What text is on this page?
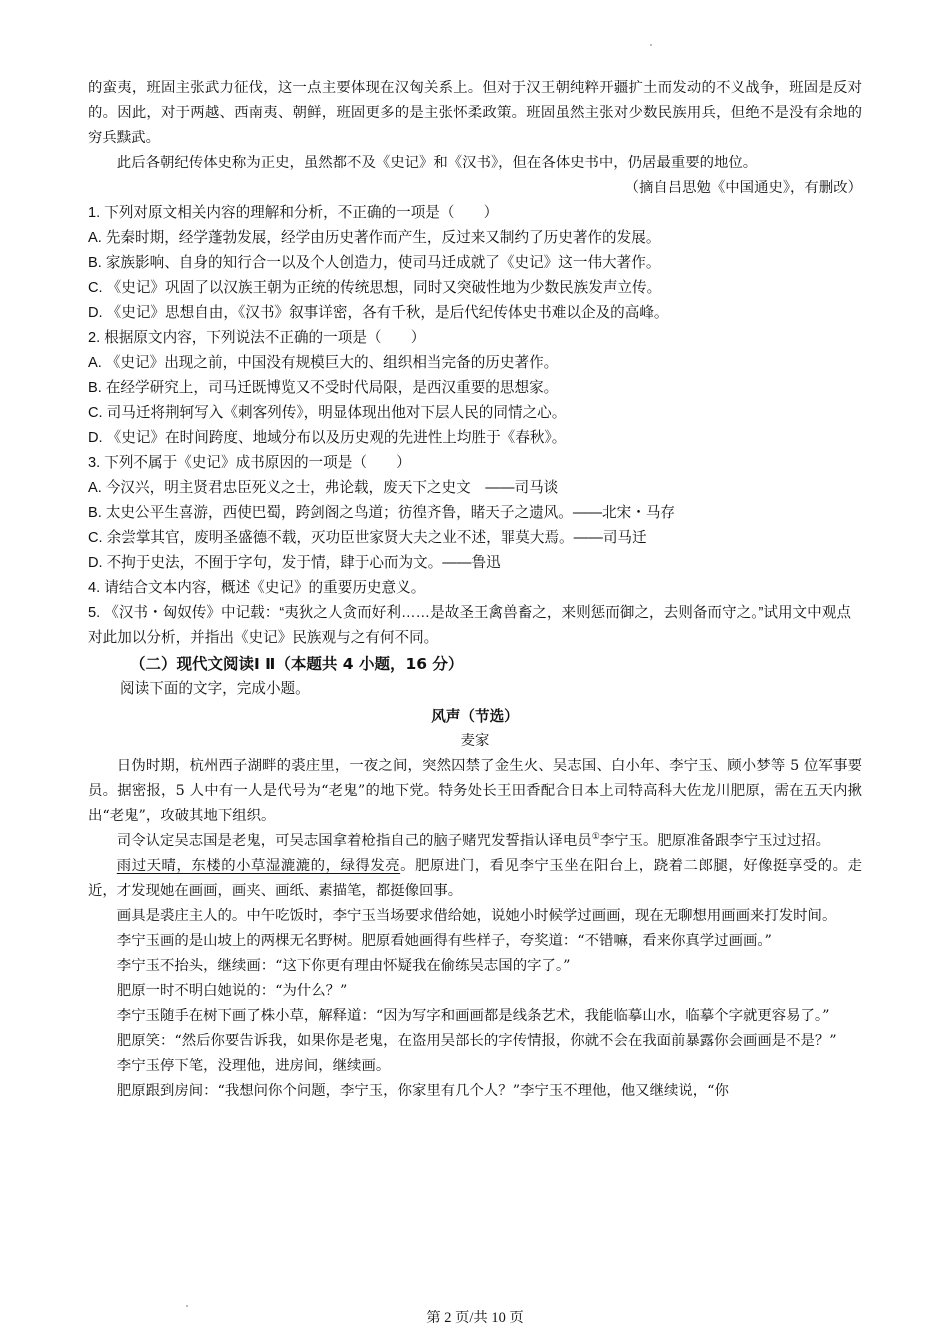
的蛮夷，班固主张武力征伐，这一点主要体现在汉匈关系上。但对于汉王朝纯粹开疆扩土而发动的不义战争，班固是反对的。因此，对于两越、西南夷、朝鲜，班固更多的是主张怀柔政策。班固虽然主张对少数民族用兵，但绝不是没有余地的穷兵黩武。

此后各朝纪传体史称为正史，虽然都不及《史记》和《汉书》，但在各体史书中，仍居最重要的地位。

（摘自吕思勉《中国通史》，有删改）

1. 下列对原文相关内容的理解和分析，不正确的一项是（　　）

A. 先秦时期，经学蓬勃发展，经学由历史著作而产生，反过来又制约了历史著作的发展。

B. 家族影响、自身的知行合一以及个人创造力，使司马迁成就了《史记》这一伟大著作。

C. 《史记》巩固了以汉族王朝为正统的传统思想，同时又突破性地为少数民族发声立传。

D. 《史记》思想自由，《汉书》叙事详密，各有千秋，是后代纪传体史书难以企及的高峰。

2. 根据原文内容，下列说法不正确的一项是（　　）

A. 《史记》出现之前，中国没有规模巨大的、组织相当完备的历史著作。

B. 在经学研究上，司马迁既博览又不受时代局限，是西汉重要的思想家。

C. 司马迁将荆轲写入《刺客列传》，明显体现出他对下层人民的同情之心。

D. 《史记》在时间跨度、地域分布以及历史观的先进性上均胜于《春秋》。

3. 下列不属于《史记》成书原因的一项是（　　）

A. 今汉兴，明主贤君忠臣死义之士，弗论载，废天下之史文　——司马谈

B. 太史公平生喜游，西使巴蜀，跨剑阁之鸟道；彷徨齐鲁，睹天子之遗风。——北宋・马存

C. 余尝掌其官，废明圣盛德不载，灭功臣世家贤大夫之业不述，罪莫大焉。——司马迁

D. 不拘于史法，不囿于字句，发于情，肆于心而为文。——鲁迅

4. 请结合文本内容，概述《史记》的重要历史意义。

5. 《汉书・匈奴传》中记载：“夷狄之人贪而好利……是故圣王禽兽畜之，来则惩而御之，去则备而守之。”试用文中观点对此加以分析，并指出《史记》民族观与之有何不同。

（二）现代文阅读Ⅰ Ⅱ（本题共 4 小题，16 分）

阅读下面的文字，完成小题。

风声（节选）

麦家

日伪时期，杭州西子湖畔的裘庄里，一夜之间，突然囚禁了金生火、吴志国、白小年、李宁玉、顾小梦等 5 位军事要员。据密报，5 人中有一人是代号为“老鬼”的地下党。特务处长王田香配合日本上司特高科大佐龙川肥原，需在五天内揪出“老鬼”，攻破其地下组织。

司令认定吴志国是老鬼，可吴志国拿着枪指自己的脑子赌咒发誓指认译电员①李宁玉。肥原准备跟李宁玉过过招。

雨过天晴，东楼的小草湿漉漉的，绿得发亮。肥原进门，看见李宁玉坐在阳台上，跷着二郎腿，好像挺享受的。走近，才发现她在画画，画夹、画纸、素描笔，都挺像回事。

画具是裘庄主人的。中午吃饭时，李宁玉当场要求借给她，说她小时候学过画画，现在无聊想用画画来打发时间。

李宁玉画的是山坡上的两棵无名野树。肥原看她画得有些样子，夸奖道：“不错嘛，看来你真学过画画。”

李宁玉不抬头，继续画：“这下你更有理由怀疑我在偷练吴志国的字了。”

肥原一时不明白她说的：“为什么？”

李宁玉随手在树下画了株小草，解释道：“因为写字和画画都是线条艺术，我能临摹山水，临摹个字就更容易了。”

肥原笑：“然后你要告诉我，如果你是老鬼，在盗用吴部长的字传情报，你就不会在我面前暴露你会画画是不是？”

李宁玉停下笔，没理他，进房间，继续画。

肥原跟到房间：“我想问你个问题，李宁玉，你家里有几个人？”李宁玉不理他，他又继续说，“你

第 2 页/共 10 页
